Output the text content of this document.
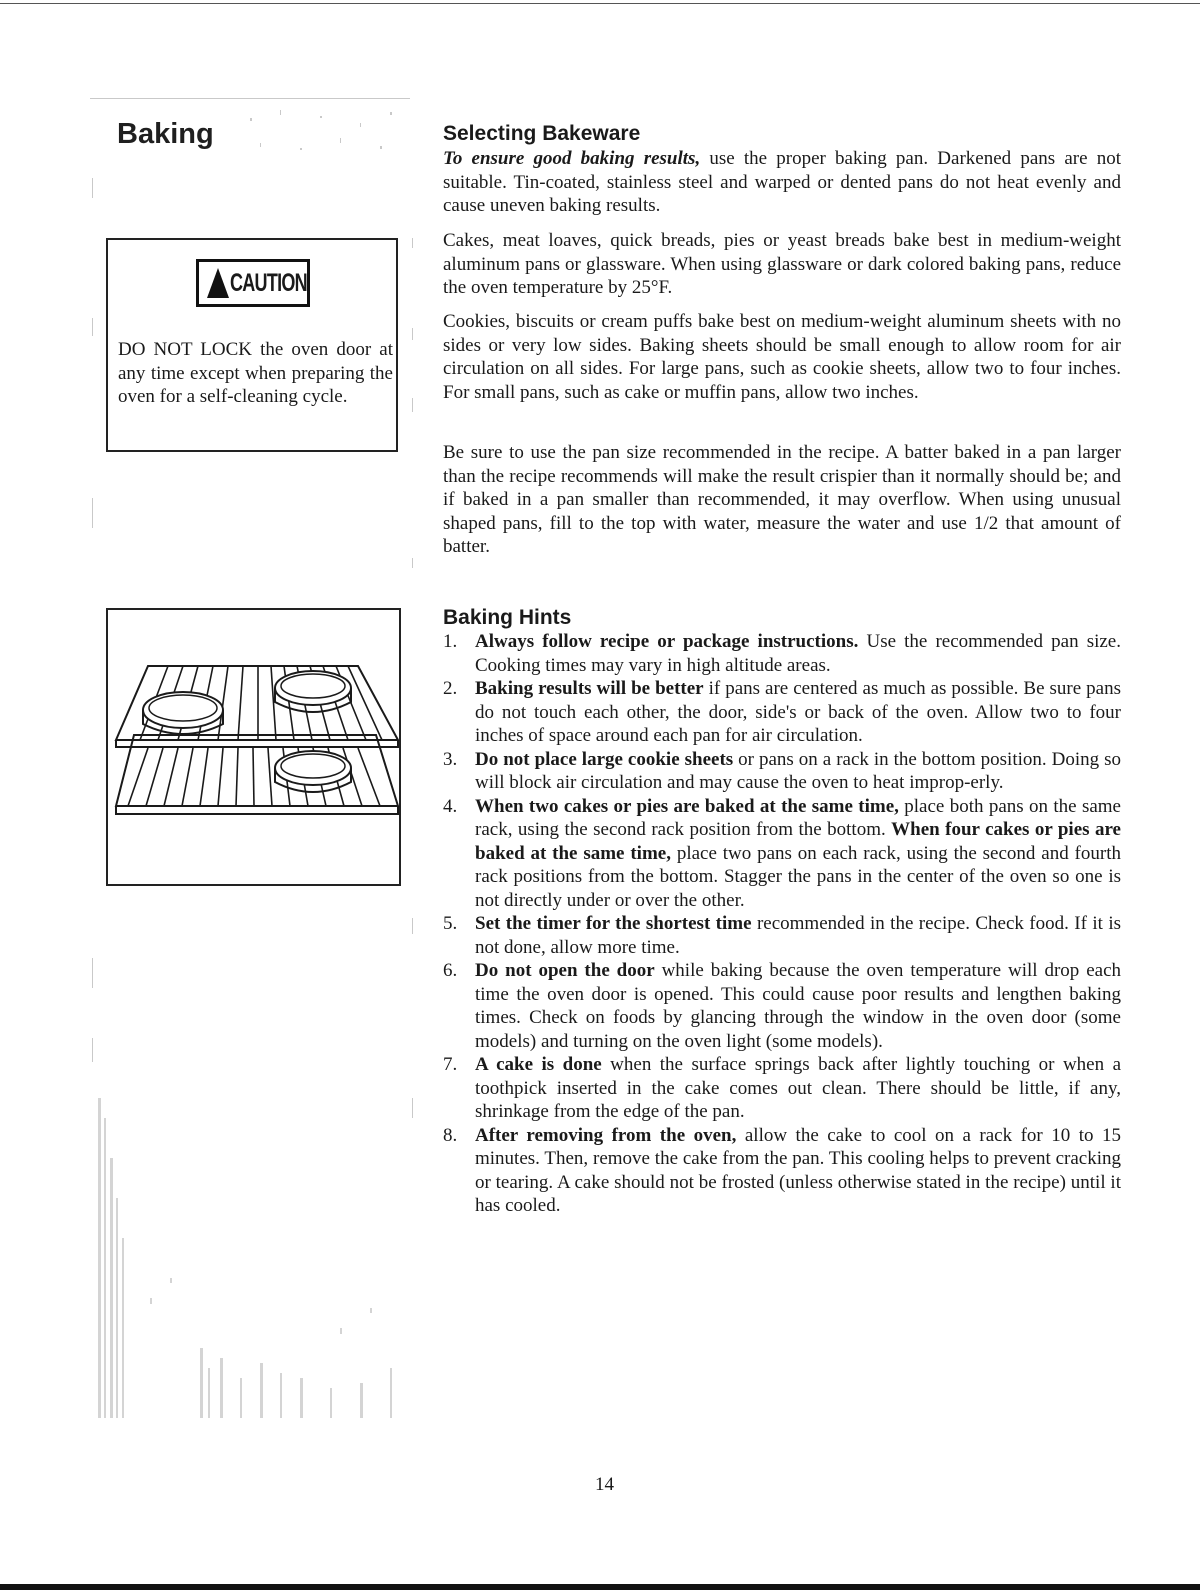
Baking
CAUTION

DO NOT LOCK the oven door at any time except when preparing the oven for a self-cleaning cycle.

Selecting Bakeware

To ensure good baking results, use the proper baking pan. Darkened pans are not suitable. Tin-coated, stainless steel and warped or dented pans do not heat evenly and cause uneven baking results.

Cakes, meat loaves, quick breads, pies or yeast breads bake best in medium-weight aluminum pans or glassware. When using glassware or dark colored baking pans, reduce the oven temperature by 25°F.

Cookies, biscuits or cream puffs bake best on medium-weight aluminum sheets with no sides or very low sides. Baking sheets should be small enough to allow room for air circulation on all sides. For large pans, such as cookie sheets, allow two to four inches. For small pans, such as cake or muffin pans, allow two inches.

Be sure to use the pan size recommended in the recipe. A batter baked in a pan larger than the recipe recommends will make the result crispier than it normally should be; and if baked in a pan smaller than recommended, it may overflow. When using unusual shaped pans, fill to the top with water, measure the water and use 1/2 that amount of batter.

Baking Hints
1. Always follow recipe or package instructions. Use the recommended pan size. Cooking times may vary in high altitude areas.
2. Baking results will be better if pans are centered as much as possible. Be sure pans do not touch each other, the door, side's or back of the oven. Allow two to four inches of space around each pan for air circulation.
3. Do not place large cookie sheets or pans on a rack in the bottom position. Doing so will block air circulation and may cause the oven to heat improp-erly.
4. When two cakes or pies are baked at the same time, place both pans on the same rack, using the second rack position from the bottom. When four cakes or pies are baked at the same time, place two pans on each rack, using the second and fourth rack positions from the bottom. Stagger the pans in the center of the oven so one is not directly under or over the other.
5. Set the timer for the shortest time recommended in the recipe. Check food. If it is not done, allow more time.
6. Do not open the door while baking because the oven temperature will drop each time the oven door is opened. This could cause poor results and lengthen baking times. Check on foods by glancing through the window in the oven door (some models) and turning on the oven light (some models).
7. A cake is done when the surface springs back after lightly touching or when a toothpick inserted in the cake comes out clean. There should be little, if any, shrinkage from the edge of the pan.
8. After removing from the oven, allow the cake to cool on a rack for 10 to 15 minutes. Then, remove the cake from the pan. This cooling helps to prevent cracking or tearing. A cake should not be frosted (unless otherwise stated in the recipe) until it has cooled.
14
